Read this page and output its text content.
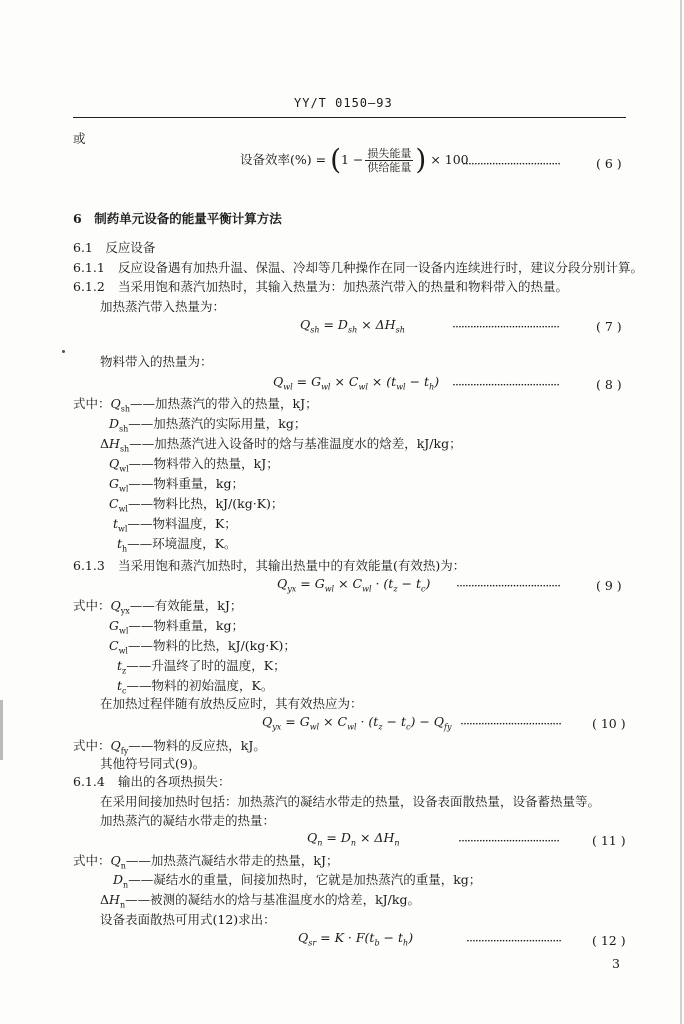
YY/T 0150—93
或
设备效率(%) = ($1 - \frac{\text{损失能量}}{\text{供给能量}}$ ) × 100
·································	( 6 )
6　制药单元设备的能量平衡计算方法
6.1　反应设备
6.1.1 反应设备遇有加热升温、保温、冷却等几种操作在同一设备内连续进行时，建议分段分别计算。
6.1.2 当采用饱和蒸汽加热时，其输入热量为：加热蒸汽带入的热量和物料带入的热量。
加热蒸汽带入热量为：
$Q_{sh} = D_{sh} \times \Delta H_{sh}$	····································	( 7 )
物料带入的热量为：
$Q_{wl} = G_{wl} \times C_{wl} \times (t_{wl} - t_h)$ ····································	( 8 )
式中：$Q_{sh}——$加热蒸汽的带入的热量，kJ；
$D_{sh}——$加热蒸汽的实际用量，kg；
$\Delta H_{sh}——$加热蒸汽进入设备时的焓与基准温度水的焓差，kJ/kg；
$Q_{wl}——$物料带入的热量，kJ；
$G_{wl}——$物料重量，kg；
$C_{wl}——$物料比热，kJ/(kg·K)；
$t_{wl}——$物料温度，K；
$t_h——$环境温度，K。
6.1.3 当采用饱和蒸汽加热时，其输出热量中的有效能量(有效热)为：
$Q_{yx} = G_{wl} \times C_{wl} \cdot (t_z - t_c)$ ···································	( 9 )
式中：$Q_{yx}——$有效能量，kJ；
$G_{wl}——$物料重量，kg；
$C_{wl}——$物料的比热，kJ/(kg·K)；
$t_z——$升温终了时的温度，K；
$t_c——$物料的初始温度，K。
在加热过程伴随有放热反应时，其有效热应为：
$Q_{yx} = G_{wl} \times C_{wl} \cdot (t_z - t_c) - Q_{fy}$ ·································· ( 10 )
式中：$Q_{fy}——$物料的反应热，kJ。
其他符号同式(9)。
6.1.4 输出的各项热损失：
在采用间接加热时包括：加热蒸汽的凝结水带走的热量，设备表面散热量，设备蓄热量等。
加热蒸汽的凝结水带走的热量：
$Q_n = D_n \times \Delta H_n$	··································	( 11 )
式中：$Q_n——$加热蒸汽凝结水带走的热量，kJ；
$D_n——$凝结水的重量，间接加热时，它就是加热蒸汽的重量，kg；
$\Delta H_n——$被测的凝结水的焓与基准温度水的焓差，kJ/kg。
设备表面散热可用式(12)求出：
$Q_{sr} = K \cdot F(t_b - t_h)$	································ ( 12 )
3
